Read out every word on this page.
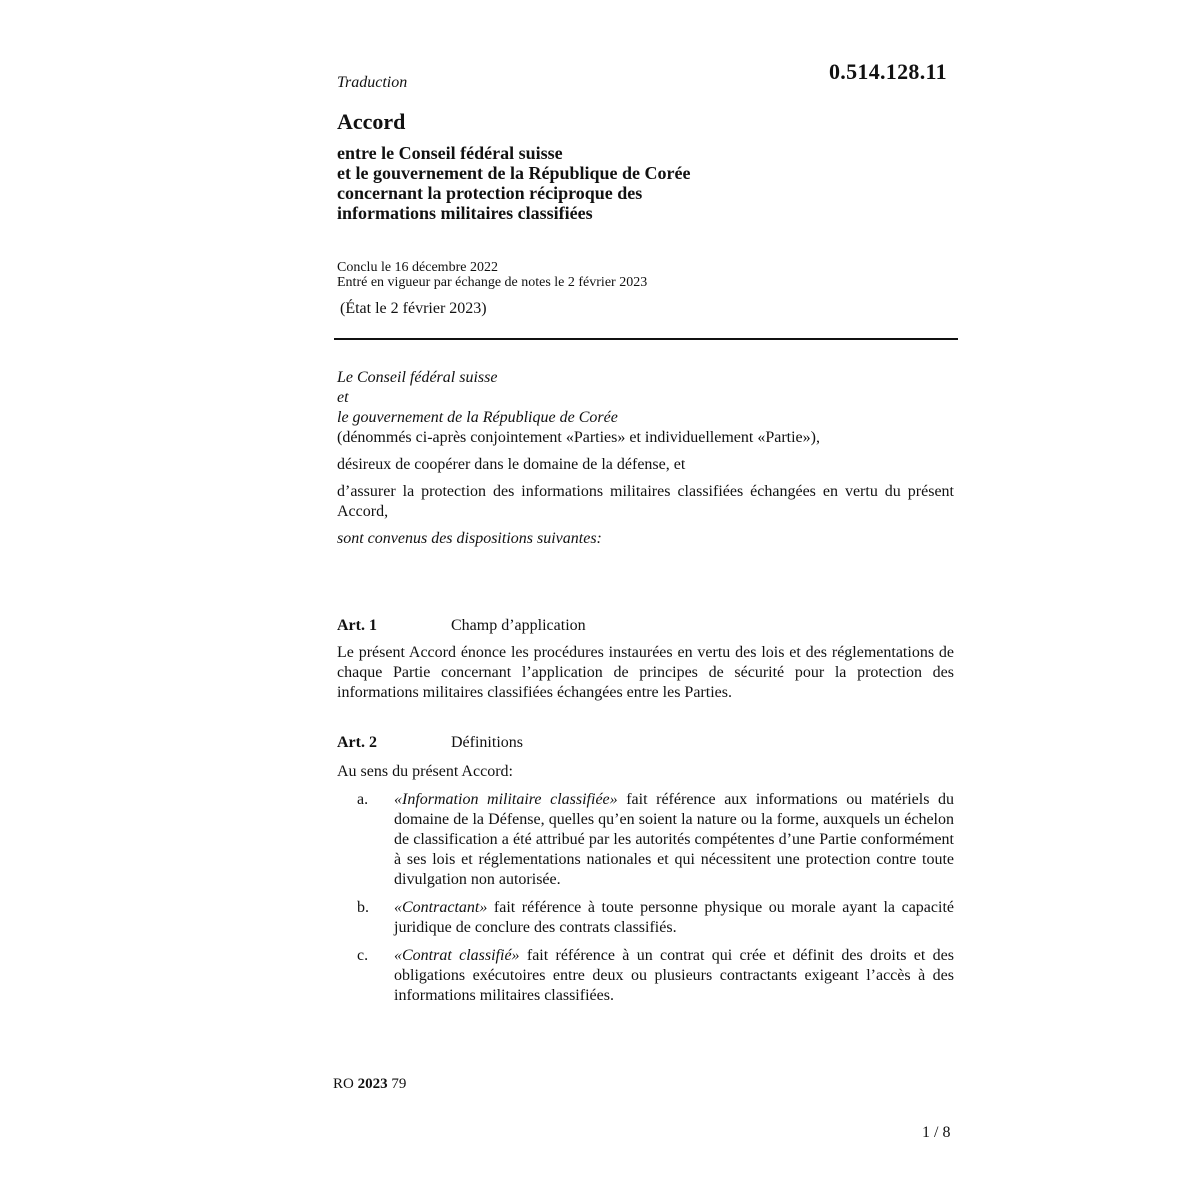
0.514.128.11
Traduction
Accord
entre le Conseil fédéral suisse
et le gouvernement de la République de Corée
concernant la protection réciproque des
informations militaires classifiées
Conclu le 16 décembre 2022
Entré en vigueur par échange de notes le 2 février 2023
(État le 2 février 2023)

Le Conseil fédéral suisse

et

le gouvernement de la République de Corée

(dénommés ci-après conjointement «Parties» et individuellement «Partie»),

désireux de coopérer dans le domaine de la défense, et

d’assurer la protection des informations militaires classifiées échangées en vertu du présent Accord,

sont convenus des dispositions suivantes:

Art. 1	Champ d’application
Le présent Accord énonce les procédures instaurées en vertu des lois et des réglementations de chaque Partie concernant l’application de principes de sécurité pour la protection des informations militaires classifiées échangées entre les Parties.
Art. 2	Définitions
Au sens du présent Accord:
a. «Information militaire classifiée» fait référence aux informations ou matériels du domaine de la Défense, quelles qu’en soient la nature ou la forme, auxquels un échelon de classification a été attribué par les autorités compétentes d’une Partie conformément à ses lois et réglementations nationales et qui nécessitent une protection contre toute divulgation non autorisée.
b. «Contractant» fait référence à toute personne physique ou morale ayant la capacité juridique de conclure des contrats classifiés.
c. «Contrat classifié» fait référence à un contrat qui crée et définit des droits et des obligations exécutoires entre deux ou plusieurs contractants exigeant l’accès à des informations militaires classifiées.
RO 2023 79
1 / 8
